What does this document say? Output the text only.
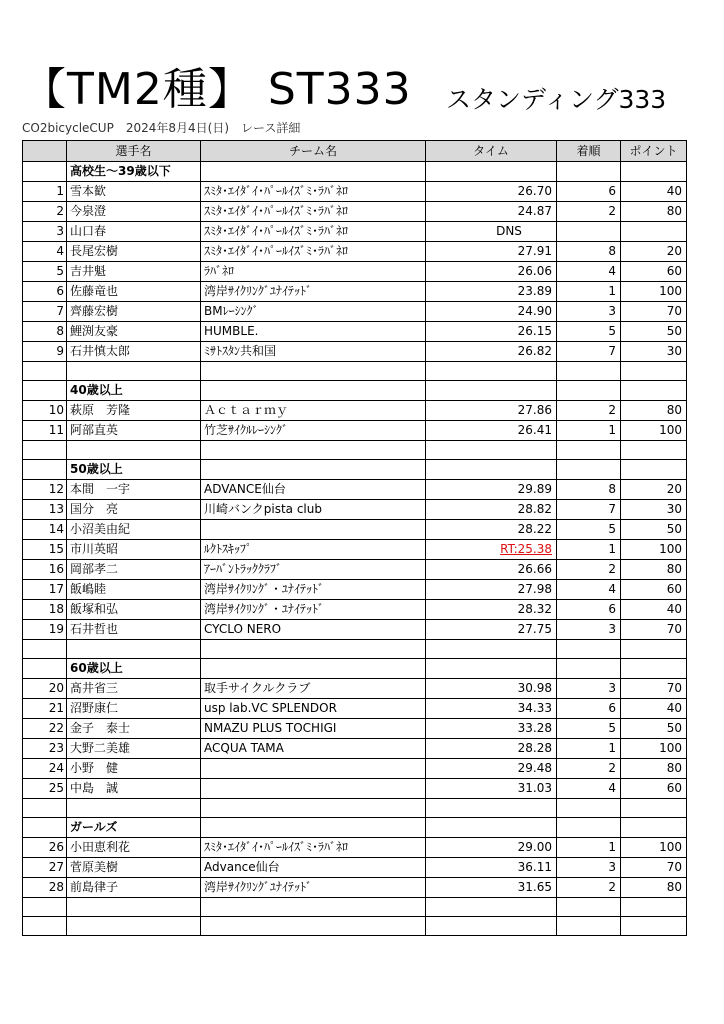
【TM2種】 ST333 スタンディング333
CO2bicycleCUP　2024年8月4日(日)　レース詳細
	選手名	チーム名	タイム	着順	ポイント
	高校生～39歳以下				
1	雪本歓	ｽﾐﾀ･ｴｲﾀﾞｲ･ﾊﾟｰﾙｲｽﾞﾐ･ﾗﾊﾞﾈﾛ	26.70	6	40
2	今泉澄	ｽﾐﾀ･ｴｲﾀﾞｲ･ﾊﾟｰﾙｲｽﾞﾐ･ﾗﾊﾞﾈﾛ	24.87	2	80
3	山口春	ｽﾐﾀ･ｴｲﾀﾞｲ･ﾊﾟｰﾙｲｽﾞﾐ･ﾗﾊﾞﾈﾛ	DNS		
4	長尾宏樹	ｽﾐﾀ･ｴｲﾀﾞｲ･ﾊﾟｰﾙｲｽﾞﾐ･ﾗﾊﾞﾈﾛ	27.91	8	20
5	吉井魁	ﾗﾊﾞﾈﾛ	26.06	4	60
6	佐藤竜也	湾岸ｻｲｸﾘﾝｸﾞﾕﾅｲﾃｯﾄﾞ	23.89	1	100
7	齊藤宏樹	BMﾚｰｼﾝｸﾞ	24.90	3	70
8	鯉渕友豪	HUMBLE.	26.15	5	50
9	石井慎太郎	ﾐｻﾄｽﾀﾝ共和国	26.82	7	30

	40歳以上				
10	萩原　芳隆	Ａｃｔａｒｍｙ	27.86	2	80
11	阿部直英	竹芝ｻｲｸﾙﾚｰｼﾝｸﾞ	26.41	1	100

	50歳以上				
12	本間　一宇	ADVANCE仙台	29.89	8	20
13	国分　亮	川崎バンクpista club	28.82	7	30
14	小沼美由紀		28.22	5	50
15	市川英昭	ﾙｸﾄｽｷｯﾌﾟ	RT:25.38	1	100
16	岡部孝二	ｱｰﾊﾞﾝﾄﾗｯｸｸﾗﾌﾞ	26.66	2	80
17	飯嶋睦	湾岸ｻｲｸﾘﾝｸﾞ・ﾕﾅｲﾃｯﾄﾞ	27.98	4	60
18	飯塚和弘	湾岸ｻｲｸﾘﾝｸﾞ・ﾕﾅｲﾃｯﾄﾞ	28.32	6	40
19	石井哲也	CYCLO NERO	27.75	3	70

	60歳以上				
20	髙井省三	取手サイクルクラブ	30.98	3	70
21	沼野康仁	usp lab.VC SPLENDOR	34.33	6	40
22	金子　泰士	NMAZU PLUS TOCHIGI	33.28	5	50
23	大野二美雄	ACQUA TAMA	28.28	1	100
24	小野　健		29.48	2	80
25	中島　誠		31.03	4	60

	ガールズ				
26	小田恵利花	ｽﾐﾀ･ｴｲﾀﾞｲ･ﾊﾟｰﾙｲｽﾞﾐ･ﾗﾊﾞﾈﾛ	29.00	1	100
27	菅原美樹	Advance仙台	36.11	3	70
28	前島律子	湾岸ｻｲｸﾘﾝｸﾞﾕﾅｲﾃｯﾄﾞ	31.65	2	80
